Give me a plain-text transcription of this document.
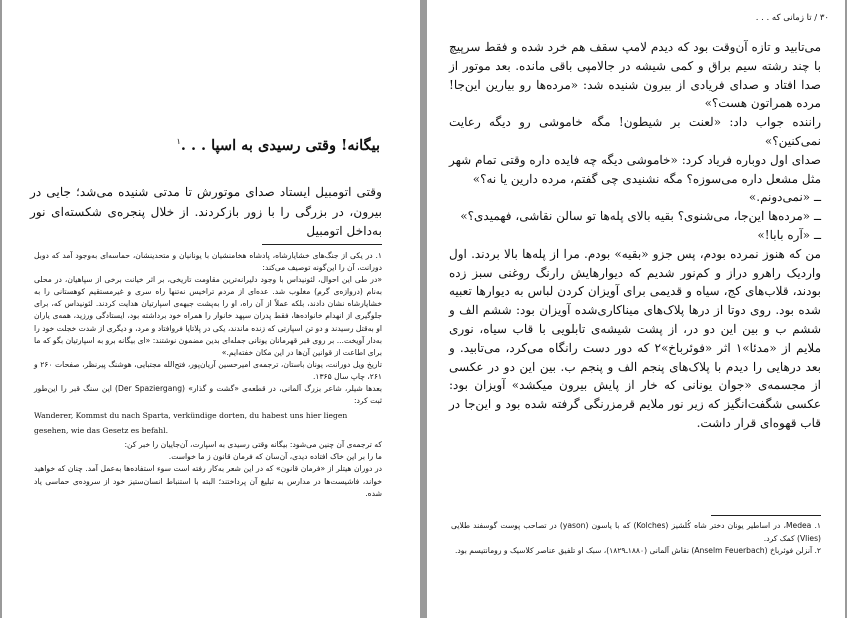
بیگانه! وقتی رسیدی به اسپا . . .$^۱$

وقتی اتومبیل ایستاد صدای موتورش تا مدتی شنیده می‌شد؛ جایی در بیرون، در بزرگی را با زور بازکردند. از خلال پنجره‌ی شکسته‌ای نور به‌داخل اتومبیل

۱. در یکی از جنگ‌های خشایارشاه، پادشاه هخامنشیان با یونانیان و متحدینشان، حماسه‌ای به‌وجود آمد که دوبل دورانت، آن را این‌گونه توصیف می‌کند:

«در طی این احوال، لئونیداس با وجود دلیرانه‌ترین مقاومت تاریخی، بر اثر خیانت برخی از سپاهیان، در محلی به‌نام (دروازه‌ی گرم) مغلوب شد. عده‌ای از مردم تراخیس نه‌تنها راه سری و غیرمستقیم کوهستانی را به خشایارشاه نشان دادند، بلکه عملاً از آن راه، او را به‌پشت جبهه‌ی اسپارتیان هدایت کردند. لئونیداس که، برای جلوگیری از انهدام خانواده‌ها، فقط پدران سپهد خانوار را همراه خود برداشته بود، ایستادگی ورزید، همه‌ی یاران او به‌قتل رسیدند و دو تن اسپارتی که زنده ماندند، یکی در پلاتایا فروافتاد و مرد، و دیگری از شدت خجلت خود را به‌دار آویخت... بر روی قبر قهرمانان یونانی جمله‌ای بدین مضمون نوشتند: «ای بیگانه برو به اسپارتیان بگو که ما برای اطاعت از قوانین آن‌ها در این مکان خفته‌ایم.»

تاریخ ویل دورانت، یونان باستان، ترجمه‌ی امیرحسین آریان‌پور، فتح‌الله مجتبایی، هوشنگ پیرنظر، صفحات ۲۶۰ و ۲۶۱، چاپ سال ۱۳۶۵.

بعدها شیلر، شاعر بزرگ آلمانی، در قطعه‌ی «گشت و گذار» (Der Spaziergang) این سنگ قبر را این‌طور ثبت کرد:

Wanderer, Kommst du nach Sparta, verkündige dorten, du habest uns hier liegen

gesehen, wie das Gesetz es befahl.

که ترجمه‌ی آن چنین می‌شود: بیگانه وقتی رسیدی به اسپارت، آن‌جاییان را خبر کن:

ما را بر این خاک افتاده دیدی، آن‌سان که فرمان قانون ز ما خواست.

در دوران هیتلر از «فرمان قانون» که در این شعر به‌کار رفته است سوء استفاده‌ها به‌عمل آمد. چنان که خواهید خواند، فاشیست‌ها در مدارس به تبلیغ آن پرداختند؛ البته با استنباط انسان‌ستیز خود از سروده‌ی حماسی یاد شده.

۳۰ / تا زمانی که . . .

می‌تابید و تازه آن‌وقت بود که دیدم لامپ سقف هم خرد شده و فقط سرپیچ با چند رشته سیم براق و کمی شیشه در جالامپی باقی مانده. بعد موتور از صدا افتاد و صدای فریادی از بیرون شنیده شد: «مرده‌ها رو بیارین این‌جا! مرده همراتون هست؟»

راننده جواب داد: «لعنت بر شیطون! مگه خاموشی رو دیگه رعایت نمی‌کنین؟»

صدای اول دوباره فریاد کرد: «خاموشی دیگه چه فایده داره وقتی تمام شهر مثل مشعل داره می‌سوزه؟ مگه نشنیدی چی گفتم، مرده دارین یا نه؟»

ــ «نمی‌دونم.»

ــ «مرده‌ها این‌جا، می‌شنوی؟ بقیه بالای پله‌ها تو سالن نقاشی، فهمیدی؟»

ــ «آره بابا!»

من که هنوز نمرده بودم، پس جزو «بقیه» بودم. مرا از پله‌ها بالا بردند. اول واردیک راهرو دراز و کم‌نور شدیم که دیوارهایش رارنگ روغنی سبز زده بودند، قلاب‌های کج، سیاه و قدیمی برای آویزان کردن لباس به دیوارها تعبیه شده بود. روی دوتا از درها پلاک‌های میناکاری‌شده آویزان بود: ششم الف و ششم ب و بین این دو در، از پشت شیشه‌ی تابلویی با قاب سیاه، نوری ملایم از «مدئا»۱ اثر «فوئرباخ»۲ که دور دست رانگاه می‌کرد، می‌تابید. و بعد درهایی را دیدم با پلاک‌های پنجم الف و پنجم ب. بین این دو در عکسی از مجسمه‌ی «جوان یونانی که خار از پایش بیرون میکشد» آویزان بود: عکسی شگفت‌انگیز که زیر نور ملایم قرمزرنگی گرفته شده بود و این‌جا در قاب قهوه‌ای قرار داشت.

۱. Medea، در اساطیر یونان دختر شاه کُلشیز (Kolches) که با یاسون (yason) در تصاحب پوست گوسفند طلایی (Vlies) کمک کرد.

۲. آنزلن فوئرباخ (Anselm Feuerbach) نقاش آلمانی (۱۸۸۰ـ۱۸۲۹)، سبک او تلفیق عناصر کلاسیک و رومانتیسم بود.
